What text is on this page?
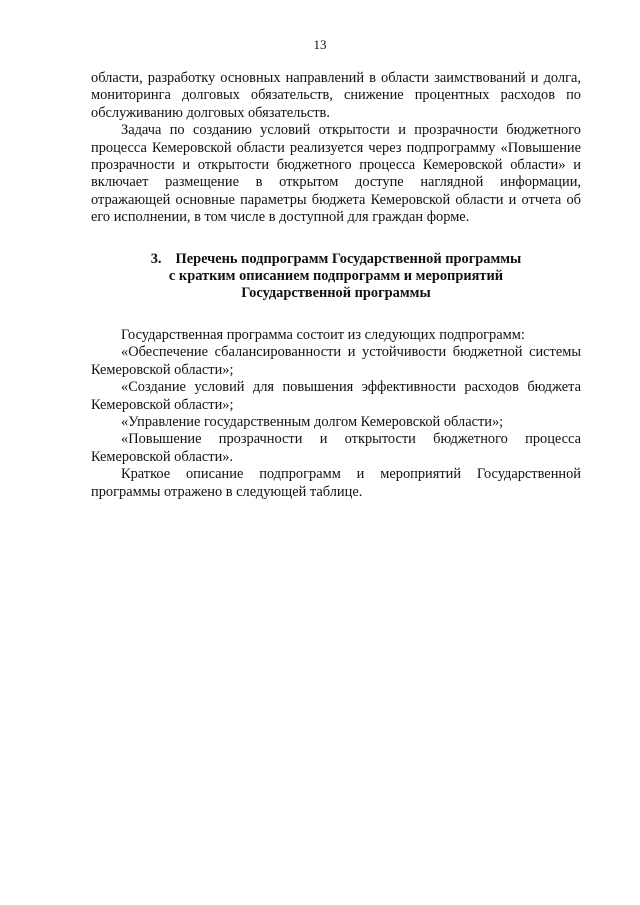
13

области, разработку основных направлений в области заимствований и долга, мониторинга долговых обязательств, снижение процентных расходов по обслуживанию долговых обязательств.

Задача по созданию условий открытости и прозрачности бюджетного процесса Кемеровской области реализуется через подпрограмму «Повышение прозрачности и открытости бюджетного процесса Кемеровской области» и включает размещение в открытом доступе наглядной информации, отражающей основные параметры бюджета Кемеровской области и отчета об его исполнении, в том числе в доступной для граждан форме.

3. Перечень подпрограмм Государственной программы
с кратким описанием подпрограмм и мероприятий
Государственной программы

Государственная программа состоит из следующих подпрограмм:

«Обеспечение сбалансированности и устойчивости бюджетной системы Кемеровской области»;

«Создание условий для повышения эффективности расходов бюджета Кемеровской области»;

«Управление государственным долгом Кемеровской области»;

«Повышение прозрачности и открытости бюджетного процесса Кемеровской области».

Краткое описание подпрограмм и мероприятий Государственной программы отражено в следующей таблице.
